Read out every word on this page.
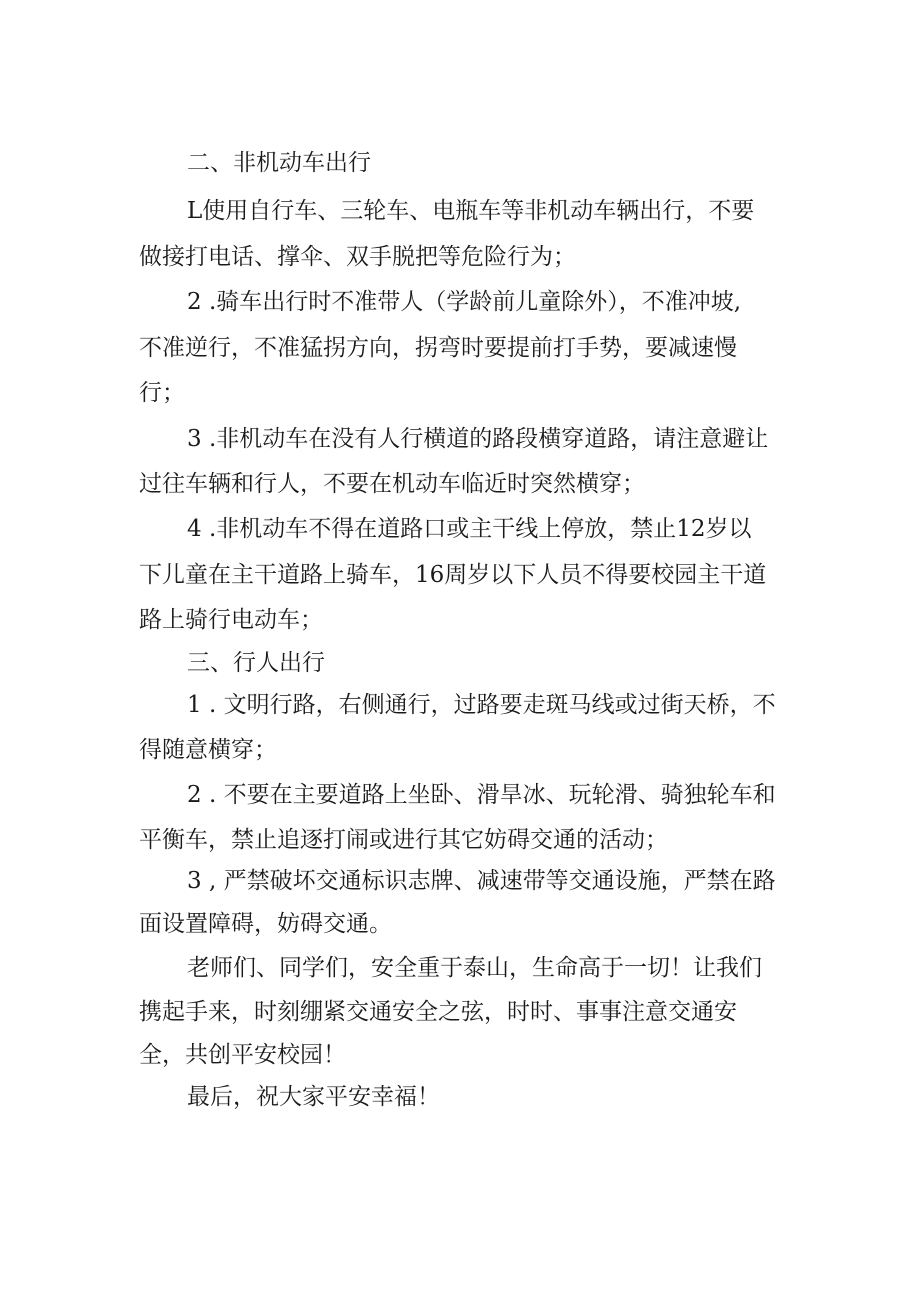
二、非机动车出行
L使用自行车、三轮车、电瓶车等非机动车辆出行，不要
做接打电话、撑伞、双手脱把等危险行为；
2 .骑车出行时不准带人（学龄前儿童除外），不准冲坡,
不准逆行，不准猛拐方向，拐弯时要提前打手势，要减速慢
行；
3 .非机动车在没有人行横道的路段横穿道路，请注意避让
过往车辆和行人，不要在机动车临近时突然横穿；
4 .非机动车不得在道路口或主干线上停放，禁止12岁以
下儿童在主干道路上骑车，16周岁以下人员不得要校园主干道
路上骑行电动车；
三、行人出行
1 . 文明行路，右侧通行，过路要走斑马线或过街天桥，不
得随意横穿；
2 . 不要在主要道路上坐卧、滑旱冰、玩轮滑、骑独轮车和
平衡车，禁止追逐打闹或进行其它妨碍交通的活动；
3 , 严禁破坏交通标识志牌、减速带等交通设施，严禁在路
面设置障碍，妨碍交通。
老师们、同学们，安全重于泰山，生命高于一切！让我们
携起手来，时刻绷紧交通安全之弦，时时、事事注意交通安
全，共创平安校园！
最后，祝大家平安幸福！
